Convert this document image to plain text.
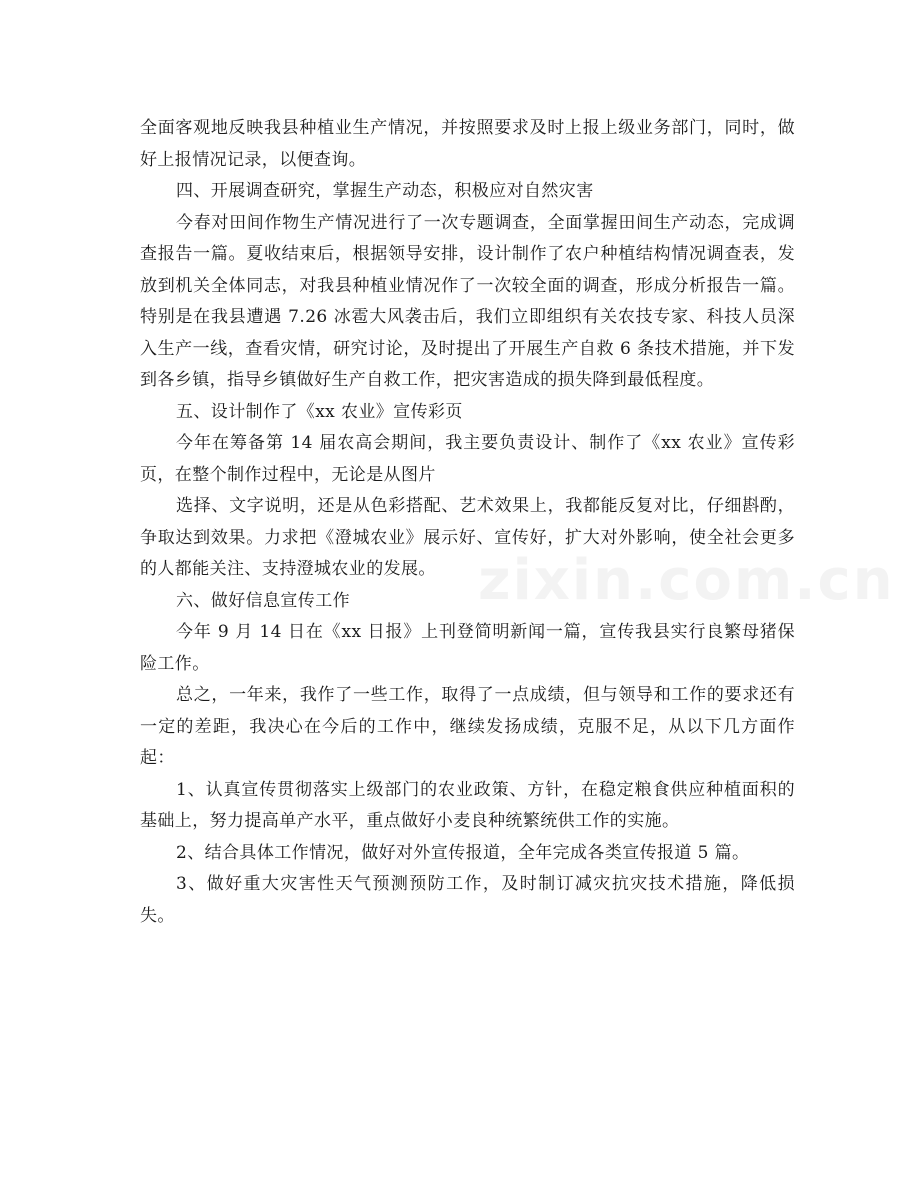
全面客观地反映我县种植业生产情况，并按照要求及时上报上级业务部门，同时，做好上报情况记录，以便查询。

四、开展调查研究，掌握生产动态，积极应对自然灾害

今春对田间作物生产情况进行了一次专题调查，全面掌握田间生产动态，完成调查报告一篇。夏收结束后，根据领导安排，设计制作了农户种植结构情况调查表，发放到机关全体同志，对我县种植业情况作了一次较全面的调查，形成分析报告一篇。特别是在我县遭遇 7.26 冰雹大风袭击后，我们立即组织有关农技专家、科技人员深入生产一线，查看灾情，研究讨论，及时提出了开展生产自救 6 条技术措施，并下发到各乡镇，指导乡镇做好生产自救工作，把灾害造成的损失降到最低程度。

五、设计制作了《xx 农业》宣传彩页

今年在筹备第 14 届农高会期间，我主要负责设计、制作了《xx 农业》宣传彩页，在整个制作过程中，无论是从图片

选择、文字说明，还是从色彩搭配、艺术效果上，我都能反复对比，仔细斟酌，争取达到效果。力求把《澄城农业》展示好、宣传好，扩大对外影响，使全社会更多的人都能关注、支持澄城农业的发展。

六、做好信息宣传工作

今年 9 月 14 日在《xx 日报》上刊登简明新闻一篇，宣传我县实行良繁母猪保险工作。

总之，一年来，我作了一些工作，取得了一点成绩，但与领导和工作的要求还有一定的差距，我决心在今后的工作中，继续发扬成绩，克服不足，从以下几方面作起：

1、认真宣传贯彻落实上级部门的农业政策、方针，在稳定粮食供应种植面积的基础上，努力提高单产水平，重点做好小麦良种统繁统供工作的实施。

2、结合具体工作情况，做好对外宣传报道，全年完成各类宣传报道 5 篇。

3、做好重大灾害性天气预测预防工作，及时制订减灾抗灾技术措施，降低损失。

zixin.com.cn
